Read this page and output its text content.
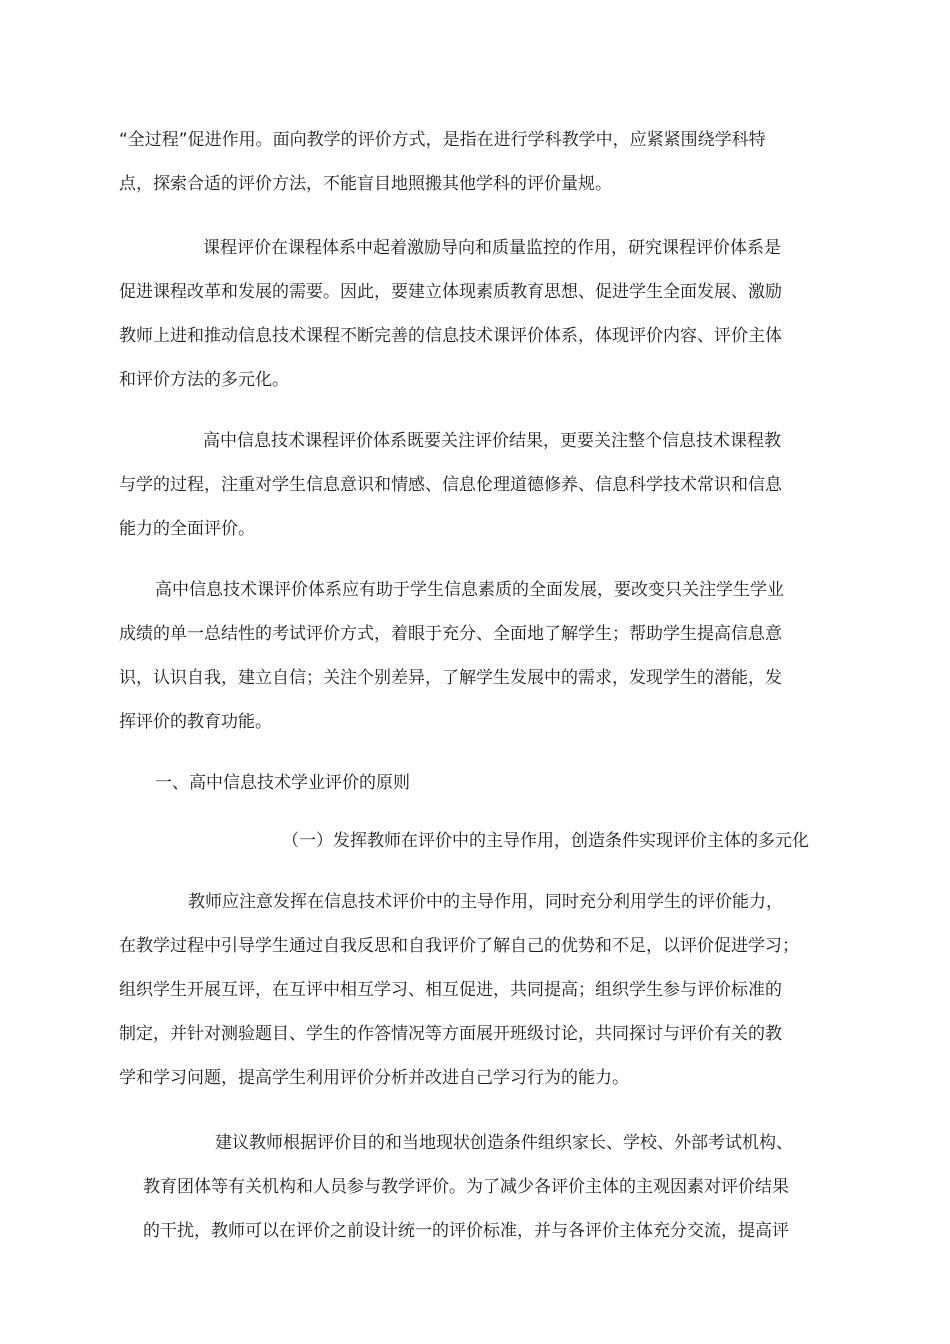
“全过程”促进作用。面向教学的评价方式，是指在进行学科教学中，应紧紧围绕学科特

点，探索合适的评价方法，不能盲目地照搬其他学科的评价量规。

课程评价在课程体系中起着激励导向和质量监控的作用，研究课程评价体系是

促进课程改革和发展的需要。因此，要建立体现素质教育思想、促进学生全面发展、激励

教师上进和推动信息技术课程不断完善的信息技术课评价体系，体现评价内容、评价主体

和评价方法的多元化。

高中信息技术课程评价体系既要关注评价结果，更要关注整个信息技术课程教

与学的过程，注重对学生信息意识和情感、信息伦理道德修养、信息科学技术常识和信息

能力的全面评价。

高中信息技术课评价体系应有助于学生信息素质的全面发展，要改变只关注学生学业

成绩的单一总结性的考试评价方式，着眼于充分、全面地了解学生；帮助学生提高信息意

识，认识自我，建立自信；关注个别差异，了解学生发展中的需求，发现学生的潜能，发

挥评价的教育功能。

一、高中信息技术学业评价的原则

（一）发挥教师在评价中的主导作用，创造条件实现评价主体的多元化

教师应注意发挥在信息技术评价中的主导作用，同时充分利用学生的评价能力，

在教学过程中引导学生通过自我反思和自我评价了解自己的优势和不足，以评价促进学习；

组织学生开展互评，在互评中相互学习、相互促进，共同提高；组织学生参与评价标准的

制定，并针对测验题目、学生的作答情况等方面展开班级讨论，共同探讨与评价有关的教

学和学习问题，提高学生利用评价分析并改进自己学习行为的能力。

建议教师根据评价目的和当地现状创造条件组织家长、学校、外部考试机构、

教育团体等有关机构和人员参与教学评价。为了减少各评价主体的主观因素对评价结果

的干扰，教师可以在评价之前设计统一的评价标准，并与各评价主体充分交流，提高评
